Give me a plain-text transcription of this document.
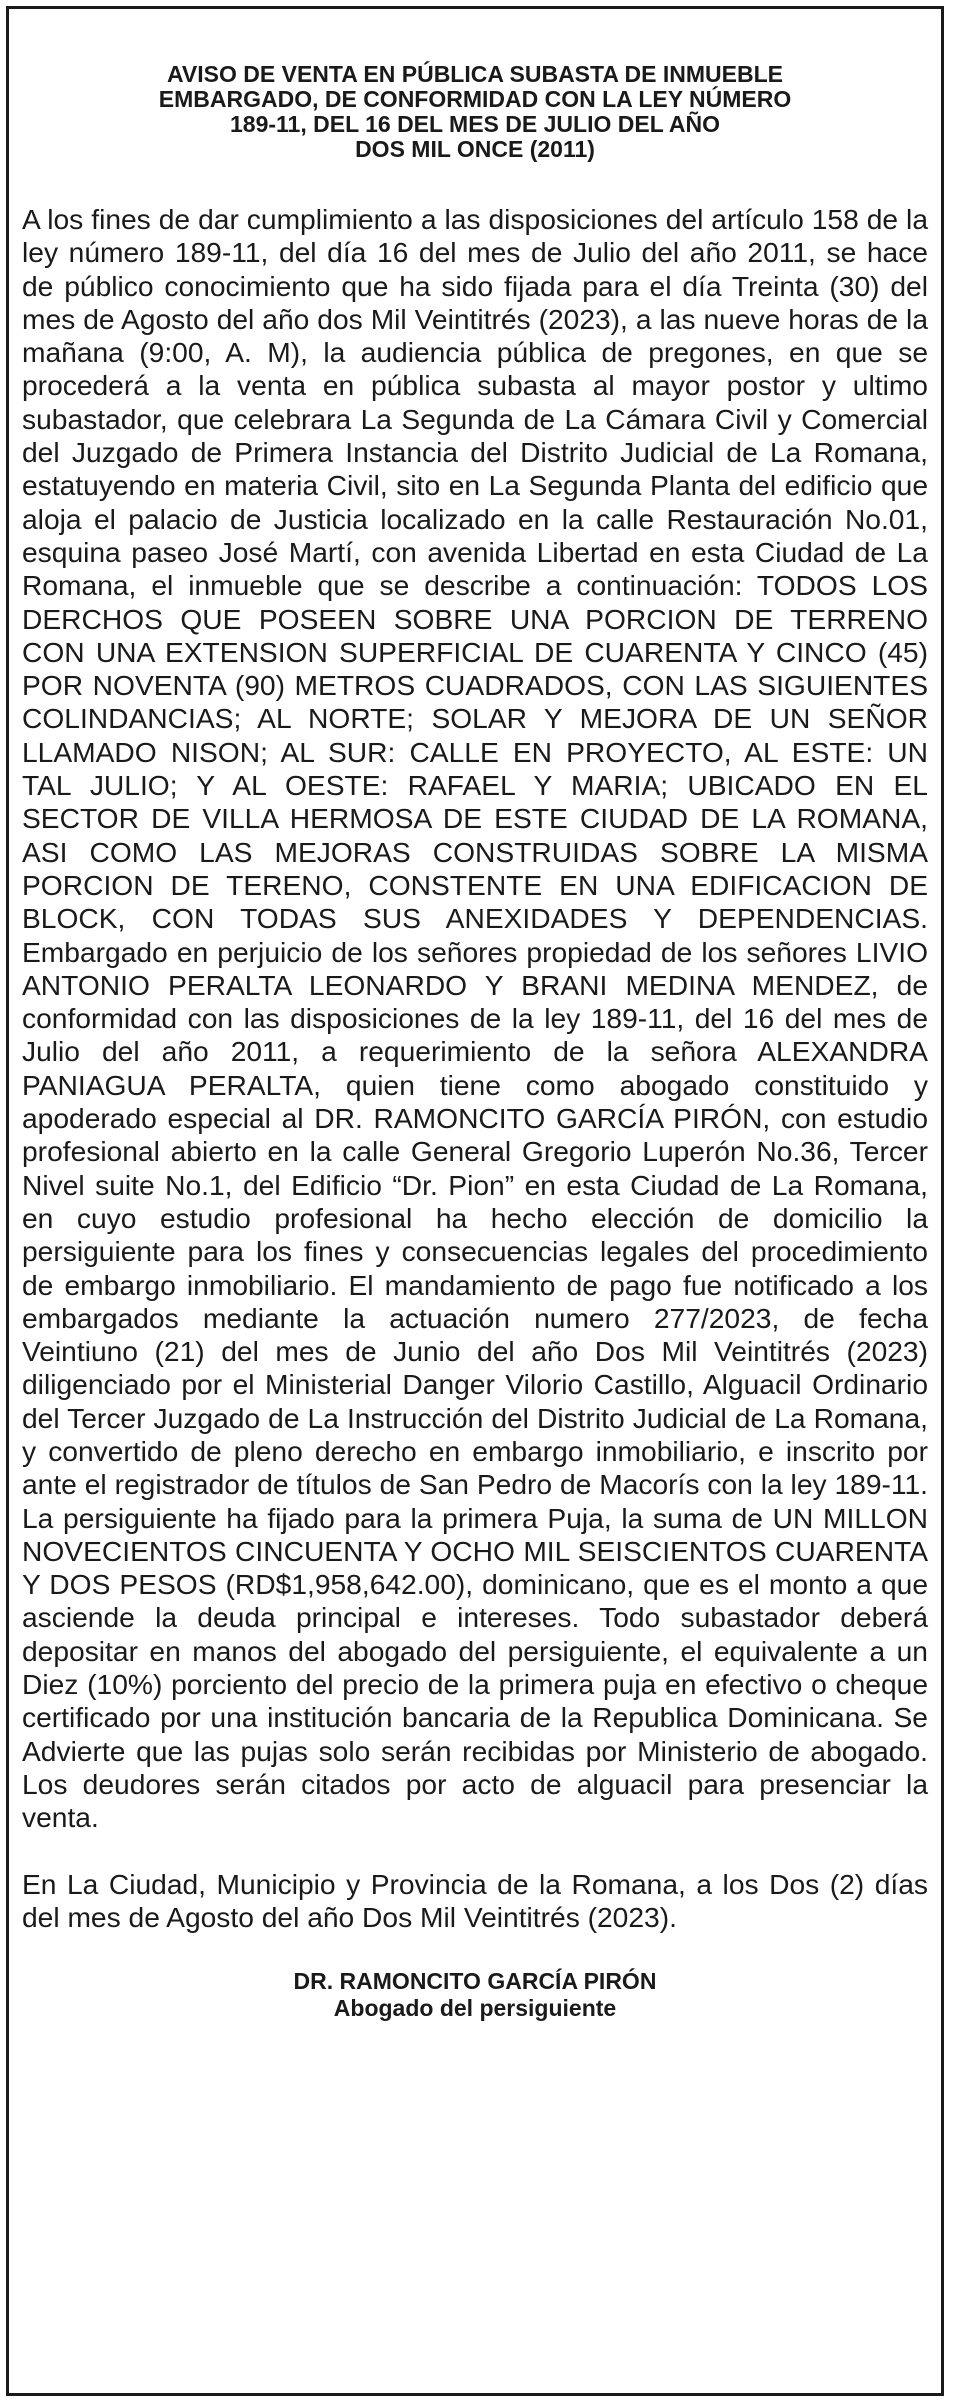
AVISO DE VENTA EN PÚBLICA SUBASTA DE INMUEBLE
EMBARGADO, DE CONFORMIDAD CON LA LEY NÚMERO
189-11, DEL 16 DEL MES DE JULIO DEL AÑO
DOS MIL ONCE (2011)

A los fines de dar cumplimiento a las disposiciones del artículo 158 de la ley número 189-11, del día 16 del mes de Julio del año 2011, se hace de público conocimiento que ha sido fijada para el día Treinta (30) del mes de Agosto del año dos Mil Veintitrés (2023), a las nueve horas de la mañana (9:00, A. M), la audiencia pública de pregones, en que se procederá a la venta en pública subasta al mayor postor y ultimo subastador, que celebrara La Segunda de La Cámara Civil y Comercial del Juzgado de Primera Instancia del Distrito Judicial de La Romana, estatuyendo en materia Civil, sito en La Segunda Planta del edificio que aloja el palacio de Justicia localizado en la calle Restauración No.01, esquina paseo José Martí, con avenida Libertad en esta Ciudad de La Romana, el inmueble que se describe a continuación: TODOS LOS DERCHOS QUE POSEEN SOBRE UNA PORCION DE TERRENO CON UNA EXTENSION SUPERFICIAL DE CUARENTA Y CINCO (45) POR NOVENTA (90) METROS CUADRADOS, CON LAS SIGUIENTES COLINDANCIAS; AL NORTE; SOLAR Y MEJORA DE UN SEÑOR LLAMADO NISON; AL SUR: CALLE EN PROYECTO, AL ESTE: UN TAL JULIO; Y AL OESTE: RAFAEL Y MARIA; UBICADO EN EL SECTOR DE VILLA HERMOSA DE ESTE CIUDAD DE LA ROMANA, ASI COMO LAS MEJORAS CONSTRUIDAS SOBRE LA MISMA PORCION DE TERENO, CONSTENTE EN UNA EDIFICACION DE BLOCK, CON TODAS SUS ANEXIDADES Y DEPENDENCIAS. Embargado en perjuicio de los señores propiedad de los señores LIVIO ANTONIO PERALTA LEONARDO Y BRANI MEDINA MENDEZ, de conformidad con las disposiciones de la ley 189-11, del 16 del mes de Julio del año 2011, a requerimiento de la señora ALEXANDRA PANIAGUA PERALTA, quien tiene como abogado constituido y apoderado especial al DR. RAMONCITO GARCÍA PIRÓN, con estudio profesional abierto en la calle General Gregorio Luperón No.36, Tercer Nivel suite No.1, del Edificio “Dr. Pion” en esta Ciudad de La Romana, en cuyo estudio profesional ha hecho elección de domicilio la persiguiente para los fines y consecuencias legales del procedimiento de embargo inmobiliario. El mandamiento de pago fue notificado a los embargados mediante la actuación numero 277/2023, de fecha Veintiuno (21) del mes de Junio del año Dos Mil Veintitrés (2023) diligenciado por el Ministerial Danger Vilorio Castillo, Alguacil Ordinario del Tercer Juzgado de La Instrucción del Distrito Judicial de La Romana, y convertido de pleno derecho en embargo inmobiliario, e inscrito por ante el registrador de títulos de San Pedro de Macorís con la ley 189-11. La persiguiente ha fijado para la primera Puja, la suma de UN MILLON NOVECIENTOS CINCUENTA Y OCHO MIL SEISCIENTOS CUARENTA Y DOS PESOS (RD$1,958,642.00), dominicano, que es el monto a que asciende la deuda principal e intereses. Todo subastador deberá depositar en manos del abogado del persiguiente, el equivalente a un Diez (10%) porciento del precio de la primera puja en efectivo o cheque certificado por una institución bancaria de la Republica Dominicana. Se Advierte que las pujas solo serán recibidas por Ministerio de abogado. Los deudores serán citados por acto de alguacil para presenciar la venta.

En La Ciudad, Municipio y Provincia de la Romana, a los Dos (2) días del mes de Agosto del año Dos Mil Veintitrés (2023).

DR. RAMONCITO GARCÍA PIRÓN
Abogado del persiguiente
